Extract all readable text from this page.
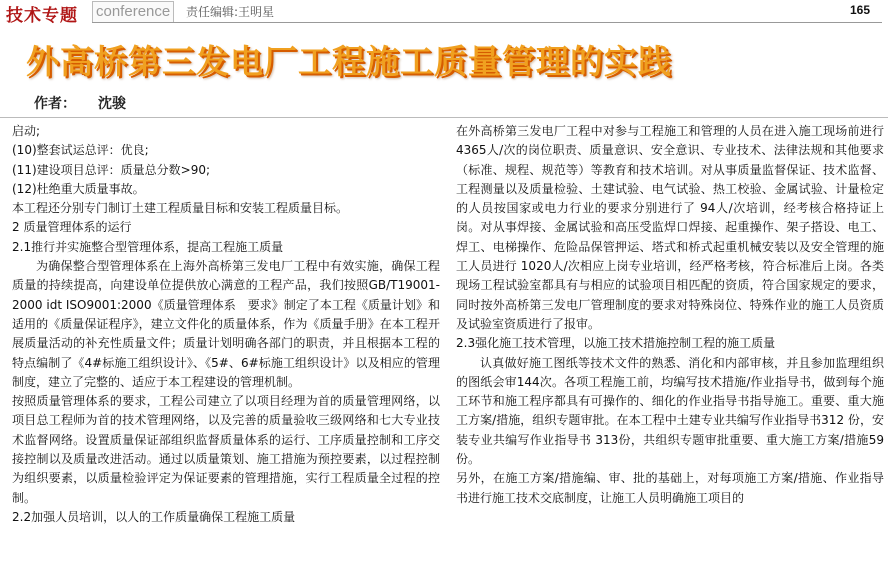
技术专题 conference	责任编辑:王明星	165
外高桥第三发电厂工程施工质量管理的实践
作者： 沈骏

启动;

(10)整套试运总评：优良;

(11)建设项目总评：质量总分数>90;

(12)杜绝重大质量事故。

本工程还分别专门制订土建工程质量目标和安装工程质量目标。

2 质量管理体系的运行

2.1推行并实施整合型管理体系，提高工程施工质量

为确保整合型管理体系在上海外高桥第三发电厂工程中有效实施，确保工程质量的持续提高，向建设单位提供放心满意的工程产品，我们按照GB/T19001-2000 idt ISO9001:2000《质量管理体系　要求》制定了本工程《质量计划》和适用的《质量保证程序》，建立文件化的质量体系，作为《质量手册》在本工程开展质量活动的补充性质量文件；质量计划明确各部门的职责，并且根据本工程的特点编制了《4#标施工组织设计》、《5#、6#标施工组织设计》以及相应的管理制度，建立了完整的、适应于本工程建设的管理机制。

按照质量管理体系的要求，工程公司建立了以项目经理为首的质量管理网络，以项目总工程师为首的技术管理网络，以及完善的质量验收三级网络和七大专业技术监督网络。设置质量保证部组织监督质量体系的运行、工序质量控制和工序交接控制以及质量改进活动。通过以质量策划、施工措施为预控要素，以过程控制为组织要素，以质量检验评定为保证要素的管理措施，实行工程质量全过程的控制。

2.2加强人员培训，以人的工作质量确保工程施工质量

在外高桥第三发电厂工程中对参与工程施工和管理的人员在进入施工现场前进行 4365人/次的岗位职责、质量意识、安全意识、专业技术、法律法规和其他要求（标准、规程、规范等）等教育和技术培训。对从事质量监督保证、技术监督、工程测量以及质量检验、土建试验、电气试验、热工校验、金属试验、计量检定的人员按国家或电力行业的要求分别进行了 94人/次培训，经考核合格持证上岗。对从事焊接、金属试验和高压受监焊口焊接、起重操作、架子搭设、电工、焊工、电梯操作、危险品保管押运、塔式和桥式起重机械安装以及安全管理的施工人员进行 1020人/次相应上岗专业培训，经严格考核，符合标准后上岗。各类现场工程试验室都具有与相应的试验项目相匹配的资质，符合国家规定的要求，同时按外高桥第三发电厂管理制度的要求对特殊岗位、特殊作业的施工人员资质及试验室资质进行了报审。

2.3强化施工技术管理，以施工技术措施控制工程的施工质量

认真做好施工图纸等技术文件的熟悉、消化和内部审核，并且参加监理组织的图纸会审144次。各项工程施工前，均编写技术措施/作业指导书，做到每个施工环节和施工程序都具有可操作的、细化的作业指导书指导施工。重要、重大施工方案/措施，组织专题审批。在本工程中土建专业共编写作业指导书312 份，安装专业共编写作业指导书 313份，共组织专题审批重要、重大施工方案/措施59份。

另外，在施工方案/措施编、审、批的基础上，对每项施工方案/措施、作业指导书进行施工技术交底制度，让施工人员明确施工项目的
